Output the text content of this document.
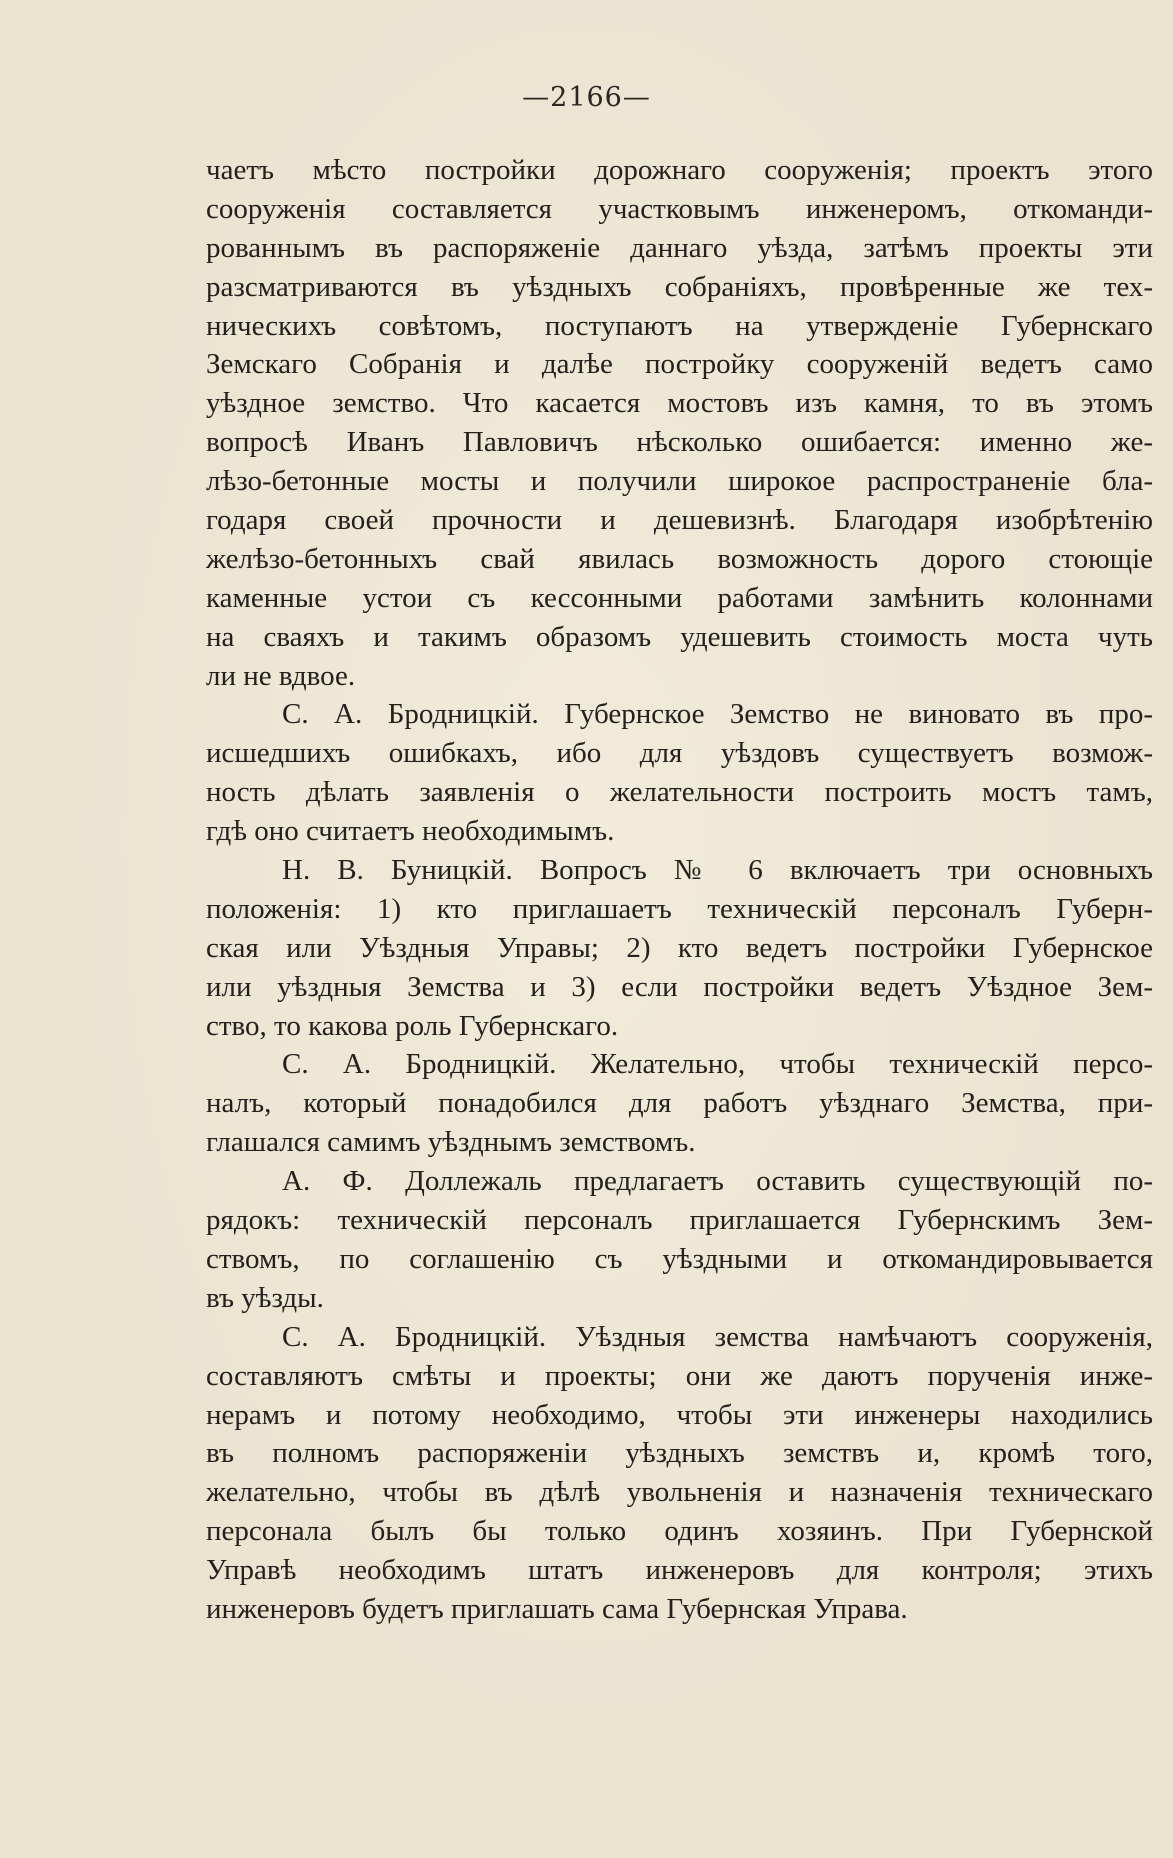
—2166—
чаетъ мѣсто постройки дорожнаго сооруженія; проектъ этого
сооруженія составляется участковымъ инженеромъ, откоманди-
рованнымъ въ распоряженіе даннаго уѣзда, затѣмъ проекты эти
разсматриваются въ уѣздныхъ собраніяхъ, провѣренные же тех-
ническихъ совѣтомъ, поступаютъ на утвержденіе Губернскаго
Земскаго Собранія и далѣе постройку сооруженій ведетъ само
уѣздное земство. Что касается мостовъ изъ камня, то въ этомъ
вопросѣ Иванъ Павловичъ нѣсколько ошибается: именно же-
лѣзо-бетонные мосты и получили широкое распространеніе бла-
годаря своей прочности и дешевизнѣ. Благодаря изобрѣтенію
желѣзо-бетонныхъ свай явилась возможность дорого стоющіе
каменные устои съ кессонными работами замѣнить колоннами
на сваяхъ и такимъ образомъ удешевить стоимость моста чуть
ли не вдвое.
С. А. Бродницкій. Губернское Земство не виновато въ про-
исшедшихъ ошибкахъ, ибо для уѣздовъ существуетъ возмож-
ность дѣлать заявленія о желательности построить мостъ тамъ,
гдѣ оно считаетъ необходимымъ.
Н. В. Буницкій. Вопросъ № 6 включаетъ три основныхъ
положенія: 1) кто приглашаетъ техническій персоналъ Губерн-
ская или Уѣздныя Управы; 2) кто ведетъ постройки Губернское
или уѣздныя Земства и 3) если постройки ведетъ Уѣздное Зем-
ство, то какова роль Губернскаго.
С. А. Бродницкій. Желательно, чтобы техническій персо-
налъ, который понадобился для работъ уѣзднаго Земства, при-
глашался самимъ уѣзднымъ земствомъ.
А. Ф. Доллежаль предлагаетъ оставить существующій по-
рядокъ: техническій персоналъ приглашается Губернскимъ Зем-
ствомъ, по соглашенію съ уѣздными и откомандировывается
въ уѣзды.
С. А. Бродницкій. Уѣздныя земства намѣчаютъ сооруженія,
составляютъ смѣты и проекты; они же даютъ порученія инже-
нерамъ и потому необходимо, чтобы эти инженеры находились
въ полномъ распоряженіи уѣздныхъ земствъ и, кромѣ того,
желательно, чтобы въ дѣлѣ увольненія и назначенія техническаго
персонала былъ бы только одинъ хозяинъ. При Губернской
Управѣ необходимъ штатъ инженеровъ для контроля; этихъ
инженеровъ будетъ приглашать сама Губернская Управа.
